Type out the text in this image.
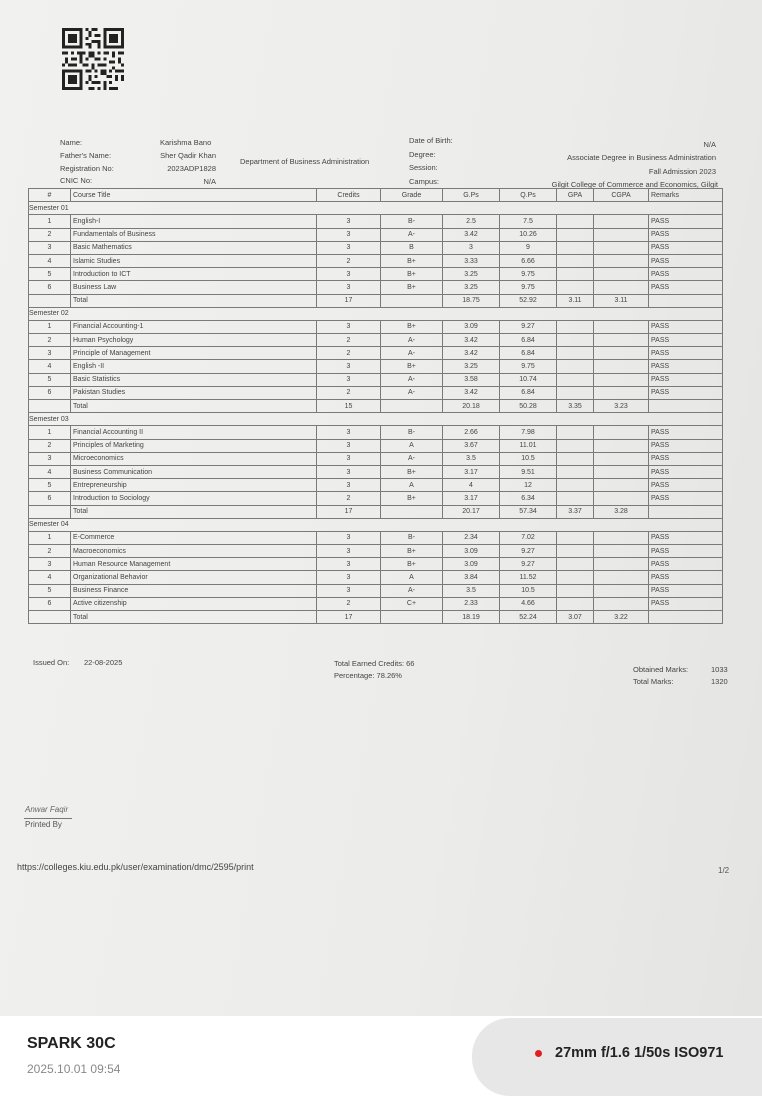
Name:	Karishma Bano
Father's Name:	Sher Qadir Khan
Registration No:	2023ADP1828
CNIC No:	N/A
Department of Business Administration
Date of Birth:	N/A
Degree:	Associate Degree in Business Administration
Session:	Fall Admission 2023
Campus:	Gilgit College of Commerce and Economics, Gilgit
#	Course Title	Credits	Grade	G.Ps	Q.Ps	GPA	CGPA	Remarks
Semester 01								
1	English-I	3	B-	2.5	7.5			PASS
2	Fundamentals of Business	3	A-	3.42	10.26			PASS
3	Basic Mathematics	3	B	3	9			PASS
4	Islamic Studies	2	B+	3.33	6.66			PASS
5	Introduction to ICT	3	B+	3.25	9.75			PASS
6	Business Law	3	B+	3.25	9.75			PASS
	Total	17		18.75	52.92	3.11	3.11	
Semester 02								
1	Financial Accounting-1	3	B+	3.09	9.27			PASS
2	Human Psychology	2	A-	3.42	6.84			PASS
3	Principle of Management	2	A-	3.42	6.84			PASS
4	English -II	3	B+	3.25	9.75			PASS
5	Basic Statistics	3	A-	3.58	10.74			PASS
6	Pakistan Studies	2	A-	3.42	6.84			PASS
	Total	15		20.18	50.28	3.35	3.23	
Semester 03								
1	Financial Accounting II	3	B-	2.66	7.98			PASS
2	Principles of Marketing	3	A	3.67	11.01			PASS
3	Microeconomics	3	A-	3.5	10.5			PASS
4	Business Communication	3	B+	3.17	9.51			PASS
5	Entrepreneurship	3	A	4	12			PASS
6	Introduction to Sociology	2	B+	3.17	6.34			PASS
	Total	17		20.17	57.34	3.37	3.28	
Semester 04								
1	E-Commerce	3	B-	2.34	7.02			PASS
2	Macroeconomics	3	B+	3.09	9.27			PASS
3	Human Resource Management	3	B+	3.09	9.27			PASS
4	Organizational Behavior	3	A	3.84	11.52			PASS
5	Business Finance	3	A-	3.5	10.5			PASS
6	Active citizenship	2	C+	2.33	4.66			PASS
	Total	17		18.19	52.24	3.07	3.22	
Issued On: 22-08-2025	Total Earned Credits: 66
Percentage: 78.26%
Obtained Marks:	1033
Total Marks:	1320
Anwar Faqir
Printed By
https://colleges.kiu.edu.pk/user/examination/dmc/2595/print	1/2
SPARK 30C
2025.10.01 09:54
27mm f/1.6 1/50s ISO971
